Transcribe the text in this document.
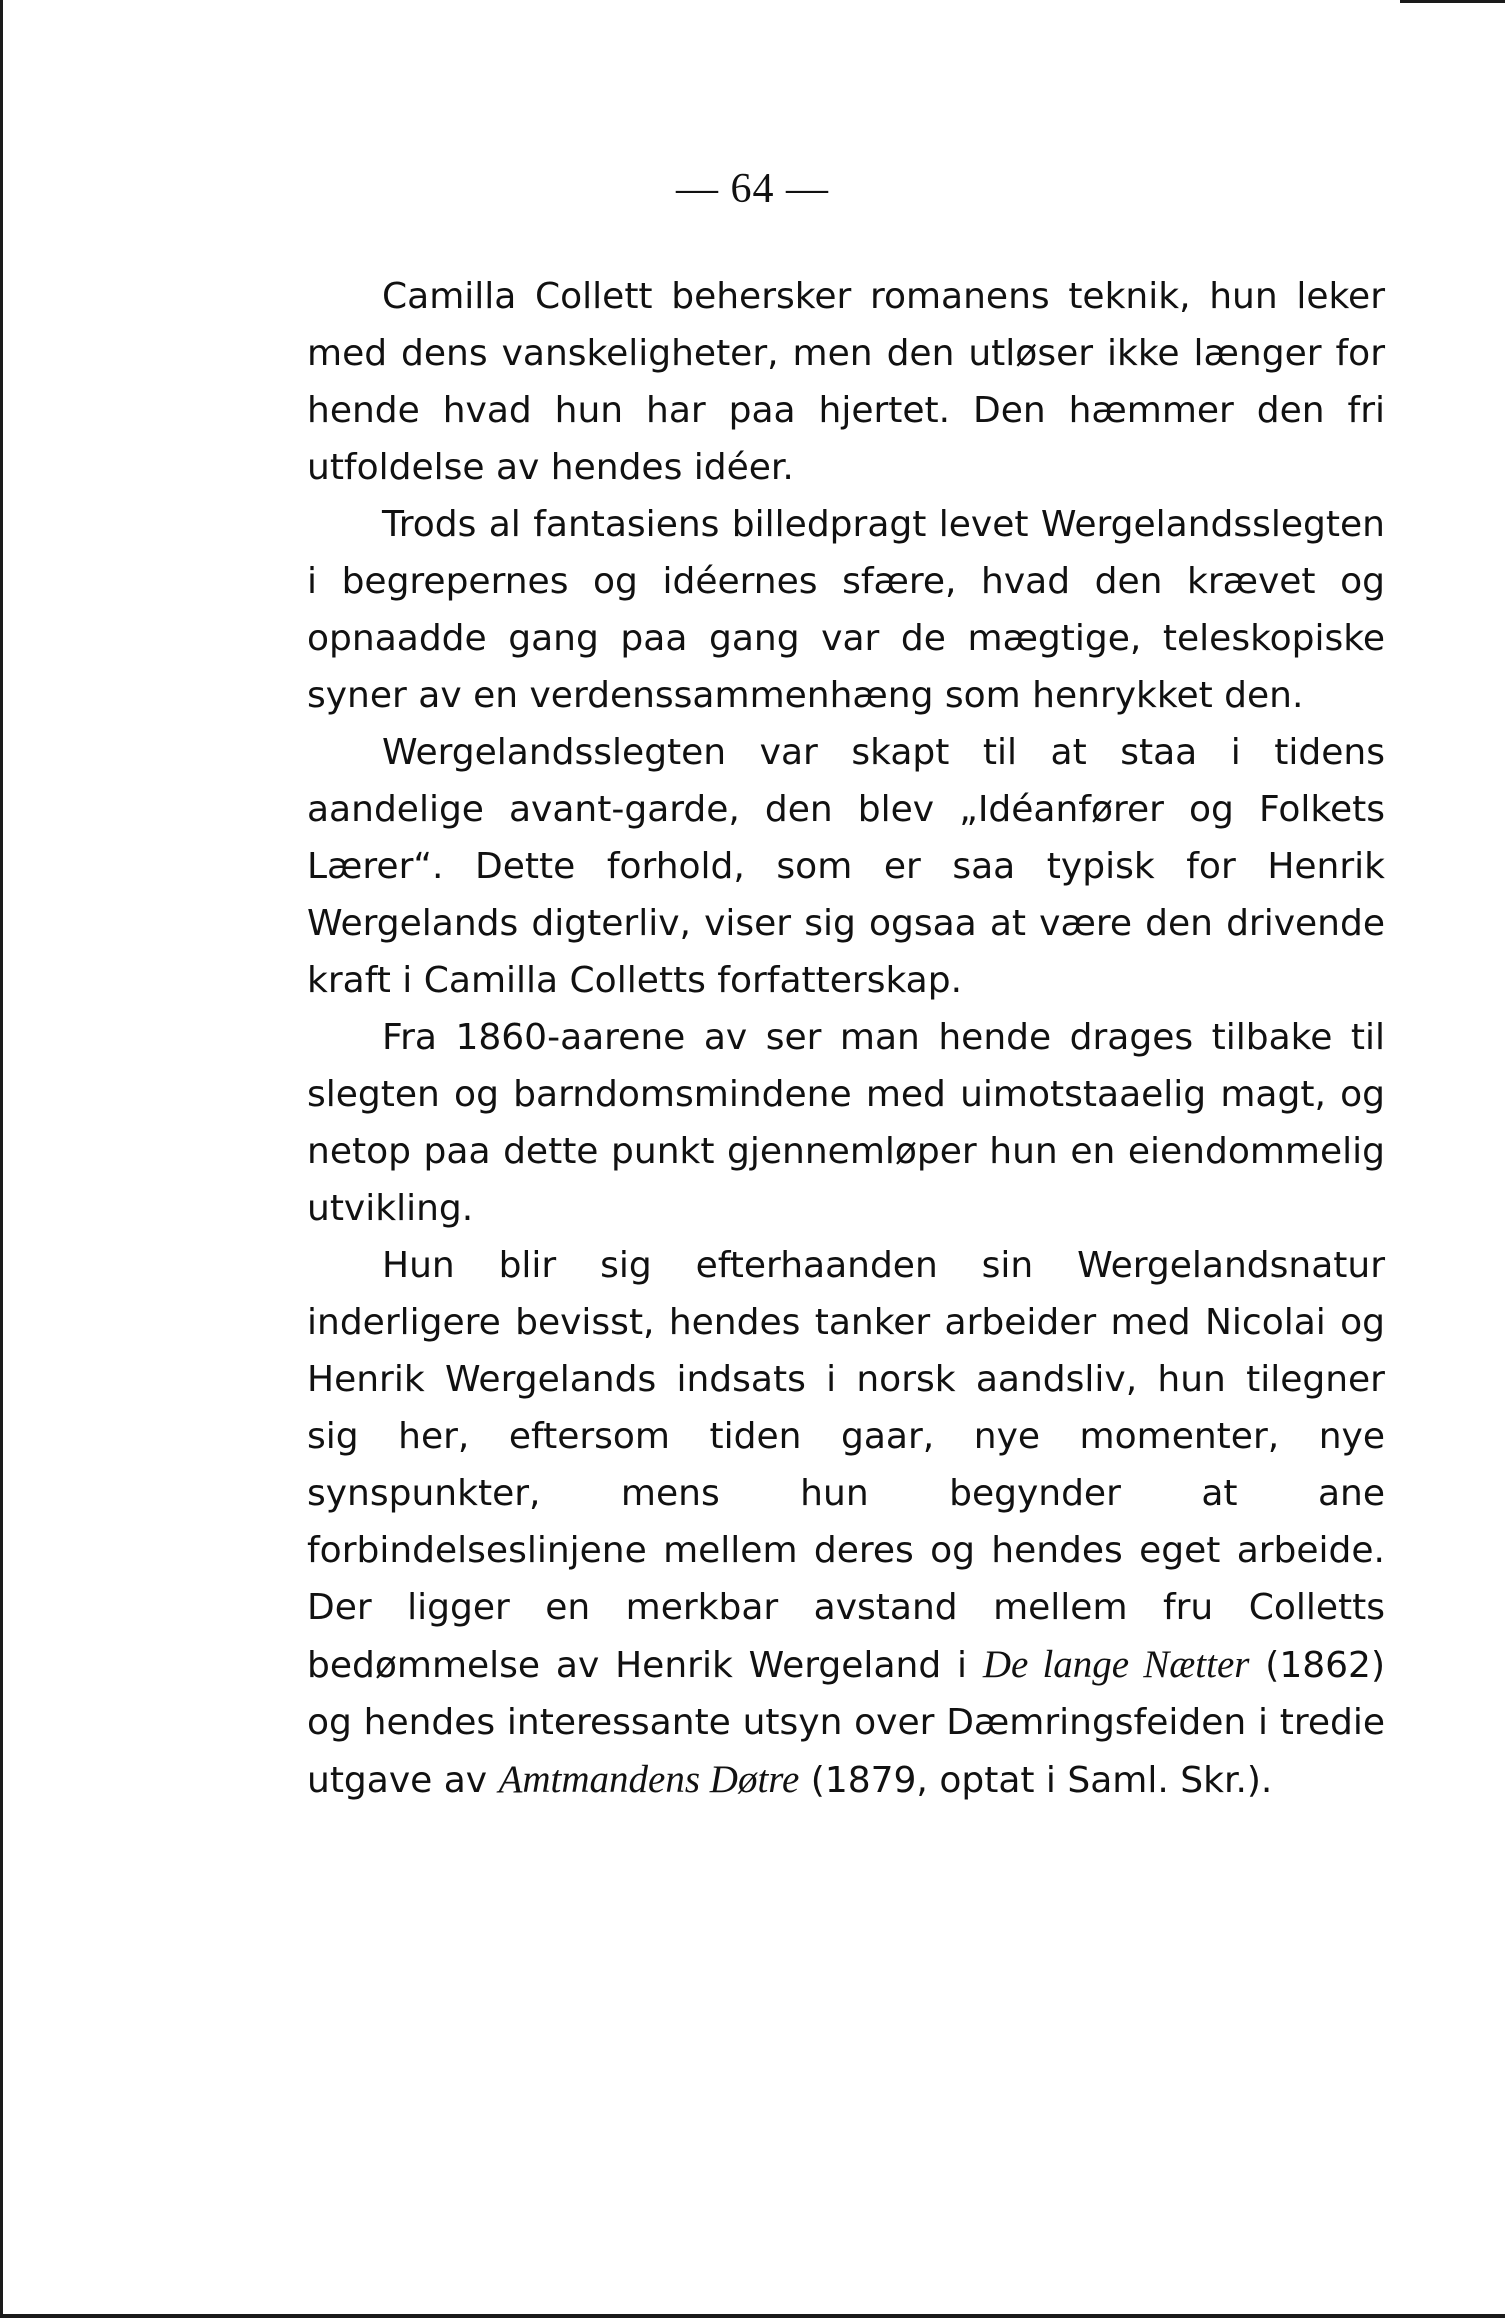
— 64 —

Camilla Collett behersker romanens teknik, hun leker med dens vanskeligheter, men den utløser ikke længer for hende hvad hun har paa hjertet. Den hæmmer den fri utfoldelse av hendes idéer.

Trods al fantasiens billedpragt levet Wergelandsslegten i begrepernes og idéernes sfære, hvad den krævet og opnaadde gang paa gang var de mægtige, teleskopiske syner av en verdenssammenhæng som henrykket den.

Wergelandsslegten var skapt til at staa i tidens aandelige avant-garde, den blev „Idéanfører og Folkets Lærer“. Dette forhold, som er saa typisk for Henrik Wergelands digterliv, viser sig ogsaa at være den drivende kraft i Camilla Colletts forfatterskap.

Fra 1860-aarene av ser man hende drages tilbake til slegten og barndomsmindene med uimotstaaelig magt, og netop paa dette punkt gjennemløper hun en eiendommelig utvikling.

Hun blir sig efterhaanden sin Wergelandsnatur inderligere bevisst, hendes tanker arbeider med Nicolai og Henrik Wergelands indsats i norsk aandsliv, hun tilegner sig her, eftersom tiden gaar, nye momenter, nye synspunkter, mens hun begynder at ane forbindelseslinjene mellem deres og hendes eget arbeide. Der ligger en merkbar avstand mellem fru Colletts bedømmelse av Henrik Wergeland i De lange Nætter (1862) og hendes interessante utsyn over Dæmringsfeiden i tredie utgave av Amtmandens Døtre (1879, optat i Saml. Skr.).
